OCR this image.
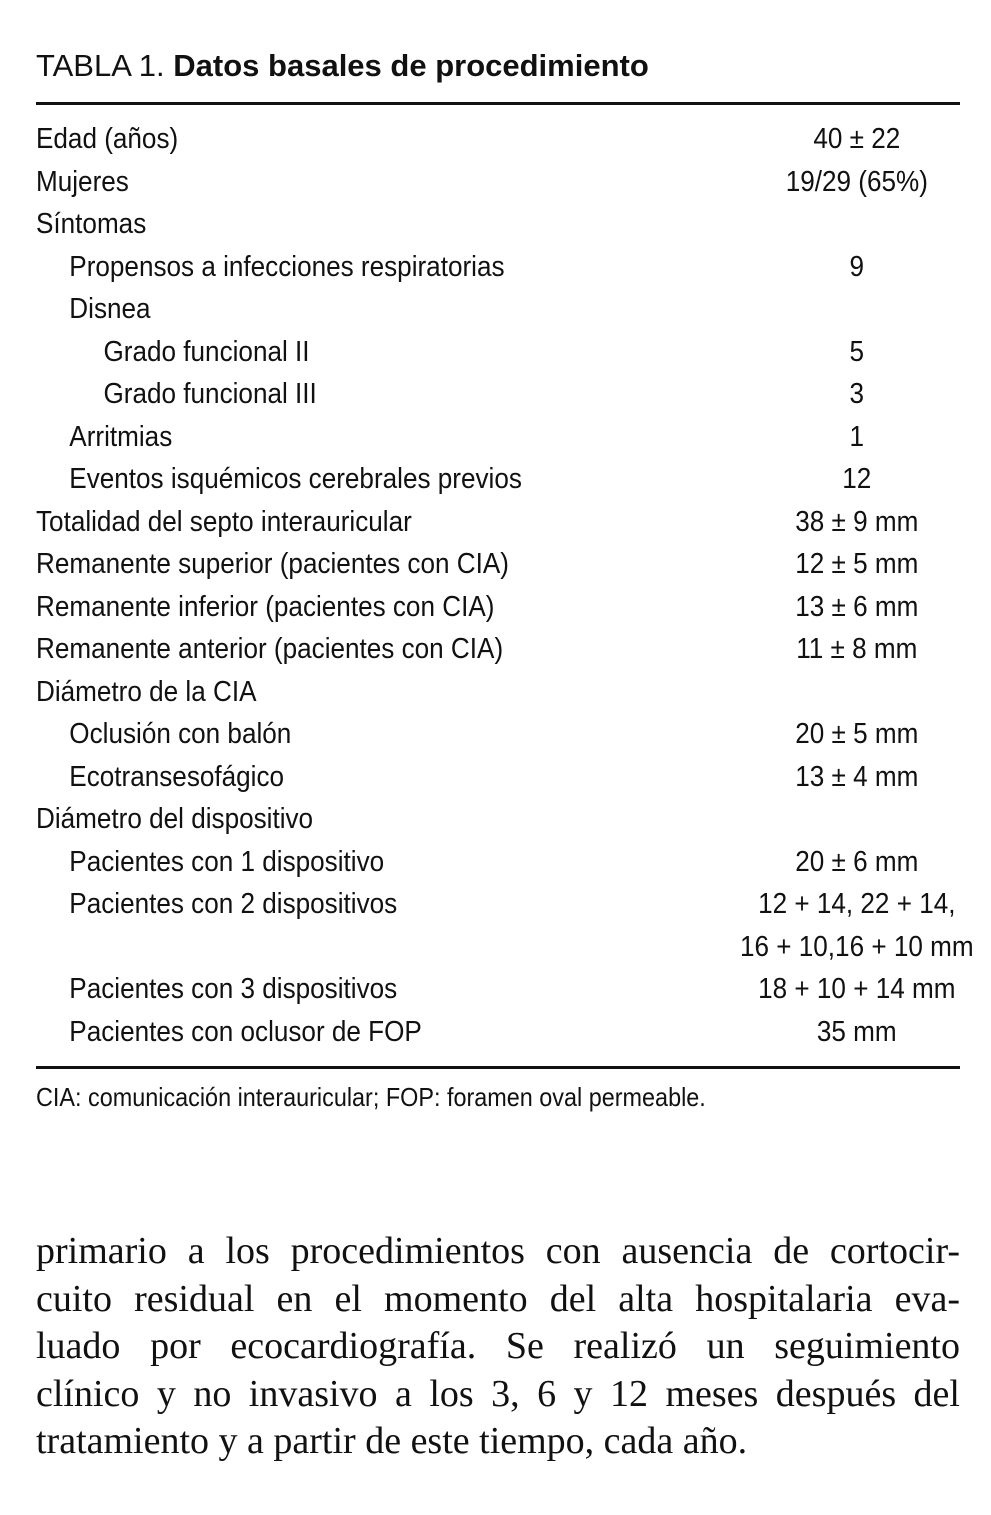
TABLA 1. Datos basales de procedimiento
Edad (años)	40 ± 22
Mujeres	19/29 (65%)
Síntomas
Propensos a infecciones respiratorias	9
Disnea
Grado funcional II	5
Grado funcional III	3
Arritmias	1
Eventos isquémicos cerebrales previos	12
Totalidad del septo interauricular	38 ± 9 mm
Remanente superior (pacientes con CIA)	12 ± 5 mm
Remanente inferior (pacientes con CIA)	13 ± 6 mm
Remanente anterior (pacientes con CIA)	11 ± 8 mm
Diámetro de la CIA
Oclusión con balón	20 ± 5 mm
Ecotransesofágico	13 ± 4 mm
Diámetro del dispositivo
Pacientes con 1 dispositivo	20 ± 6 mm
Pacientes con 2 dispositivos	12 + 14, 22 + 14,
16 + 10,16 + 10 mm
Pacientes con 3 dispositivos	18 + 10 + 14 mm
Pacientes con oclusor de FOP	35 mm
CIA: comunicación interauricular; FOP: foramen oval permeable.
primario a los procedimientos con ausencia de cortocir-
cuito residual en el momento del alta hospitalaria eva-
luado por ecocardiografía. Se realizó un seguimiento
clínico y no invasivo a los 3, 6 y 12 meses después del
tratamiento y a partir de este tiempo, cada año.
